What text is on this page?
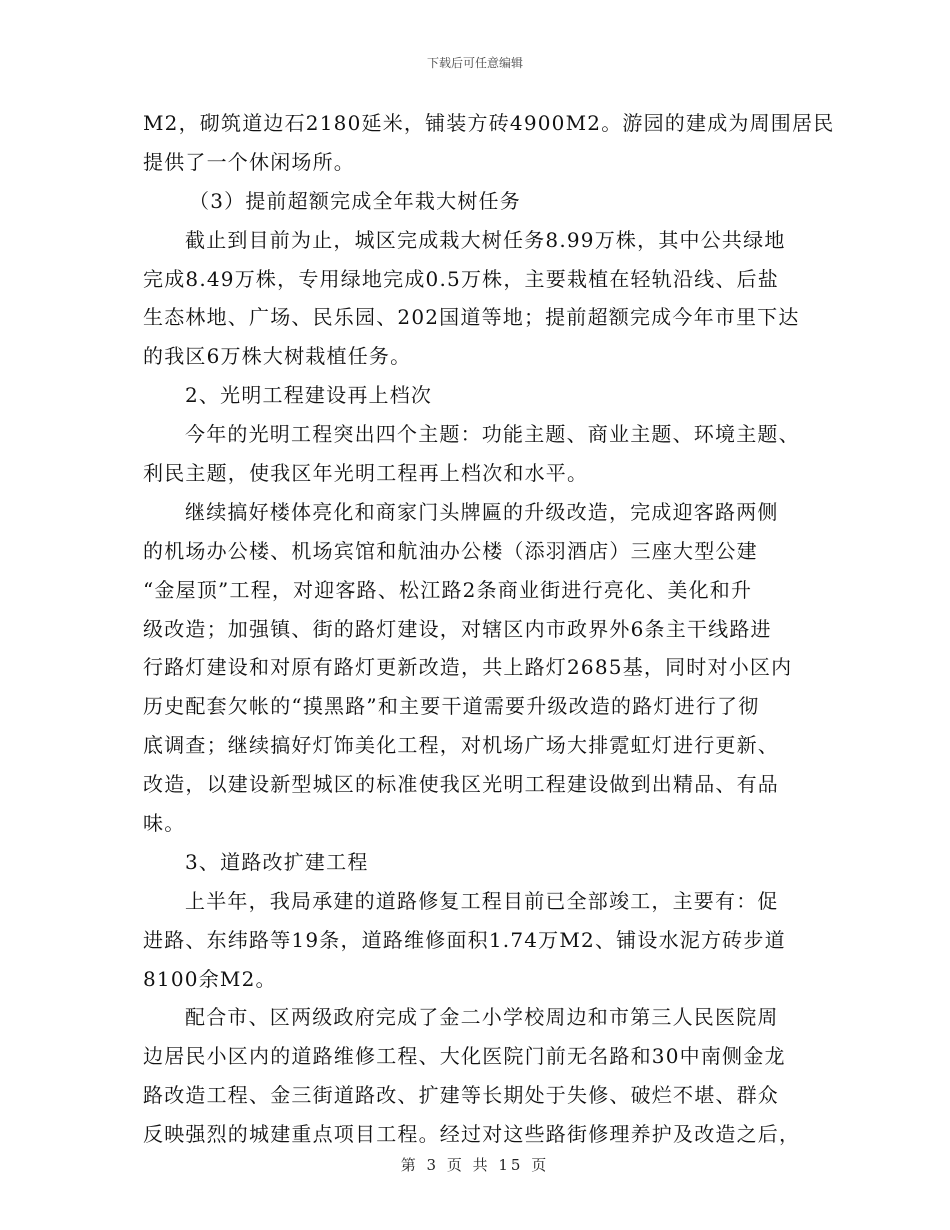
下载后可任意编辑
M2，砌筑道边石2180延米，铺装方砖4900M2。游园的建成为周围居民
提供了一个休闲场所。
（3）提前超额完成全年栽大树任务
截止到目前为止，城区完成栽大树任务8.99万株，其中公共绿地
完成8.49万株，专用绿地完成0.5万株，主要栽植在轻轨沿线、后盐
生态林地、广场、民乐园、202国道等地；提前超额完成今年市里下达
的我区6万株大树栽植任务。
2、光明工程建设再上档次
今年的光明工程突出四个主题：功能主题、商业主题、环境主题、
利民主题，使我区年光明工程再上档次和水平。
继续搞好楼体亮化和商家门头牌匾的升级改造，完成迎客路两侧
的机场办公楼、机场宾馆和航油办公楼（添羽酒店）三座大型公建
“金屋顶”工程，对迎客路、松江路2条商业街进行亮化、美化和升
级改造；加强镇、街的路灯建设，对辖区内市政界外6条主干线路进
行路灯建设和对原有路灯更新改造，共上路灯2685基，同时对小区内
历史配套欠帐的“摸黑路”和主要干道需要升级改造的路灯进行了彻
底调查；继续搞好灯饰美化工程，对机场广场大排霓虹灯进行更新、
改造，以建设新型城区的标准使我区光明工程建设做到出精品、有品
味。
3、道路改扩建工程
上半年，我局承建的道路修复工程目前已全部竣工，主要有：促
进路、东纬路等19条，道路维修面积1.74万M2、铺设水泥方砖步道
8100余M2。
配合市、区两级政府完成了金二小学校周边和市第三人民医院周
边居民小区内的道路维修工程、大化医院门前无名路和30中南侧金龙
路改造工程、金三街道路改、扩建等长期处于失修、破烂不堪、群众
反映强烈的城建重点项目工程。经过对这些路街修理养护及改造之后，
第 3 页 共 15 页
